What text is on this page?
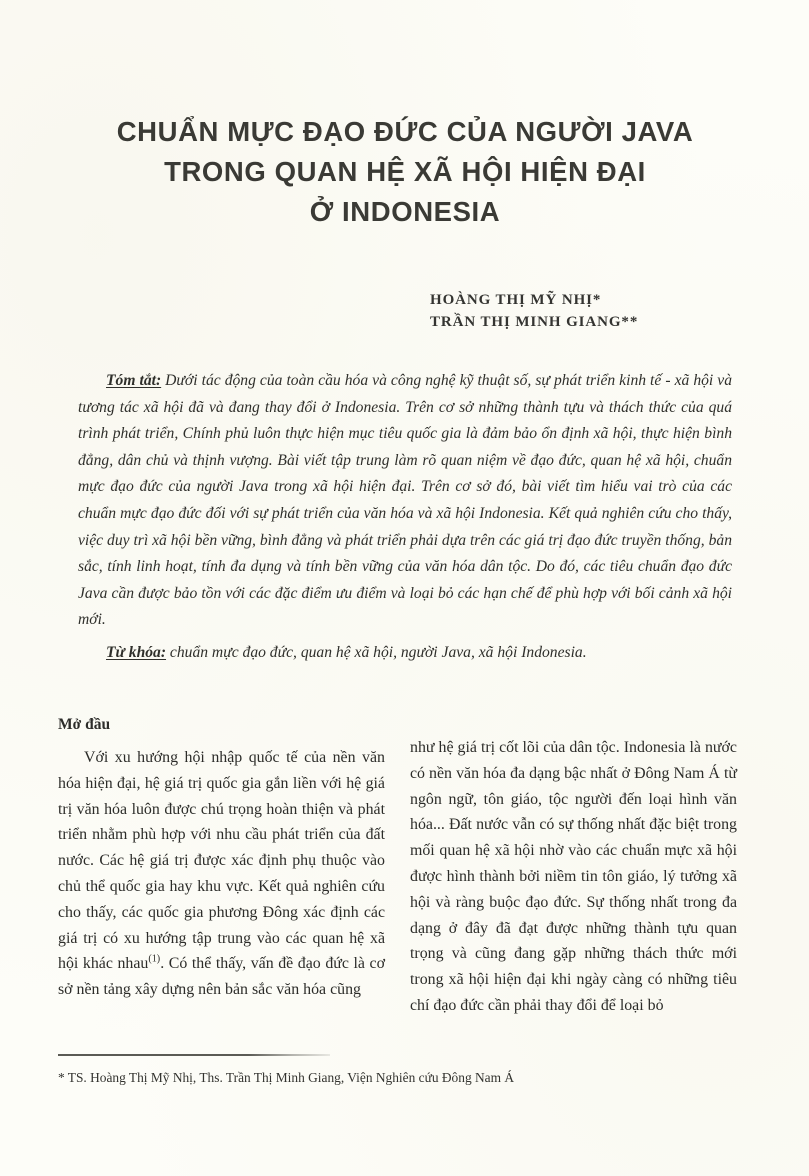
CHUẨN MỰC ĐẠO ĐỨC CỦA NGƯỜI JAVA
TRONG QUAN HỆ XÃ HỘI HIỆN ĐẠI
Ở INDONESIA
HOÀNG THỊ MỸ NHỊ*
TRẦN THỊ MINH GIANG**
Tóm tắt: Dưới tác động của toàn cầu hóa và công nghệ kỹ thuật số, sự phát triển kinh tế - xã hội và tương tác xã hội đã và đang thay đổi ở Indonesia. Trên cơ sở những thành tựu và thách thức của quá trình phát triển, Chính phủ luôn thực hiện mục tiêu quốc gia là đảm bảo ổn định xã hội, thực hiện bình đẳng, dân chủ và thịnh vượng. Bài viết tập trung làm rõ quan niệm về đạo đức, quan hệ xã hội, chuẩn mực đạo đức của người Java trong xã hội hiện đại. Trên cơ sở đó, bài viết tìm hiểu vai trò của các chuẩn mực đạo đức đối với sự phát triển của văn hóa và xã hội Indonesia. Kết quả nghiên cứu cho thấy, việc duy trì xã hội bền vững, bình đẳng và phát triển phải dựa trên các giá trị đạo đức truyền thống, bản sắc, tính linh hoạt, tính đa dụng và tính bền vững của văn hóa dân tộc. Do đó, các tiêu chuẩn đạo đức Java cần được bảo tồn với các đặc điểm ưu điểm và loại bỏ các hạn chế để phù hợp với bối cảnh xã hội mới.
Từ khóa: chuẩn mực đạo đức, quan hệ xã hội, người Java, xã hội Indonesia.
Mở đầu

Với xu hướng hội nhập quốc tế của nền văn hóa hiện đại, hệ giá trị quốc gia gắn liền với hệ giá trị văn hóa luôn được chú trọng hoàn thiện và phát triển nhằm phù hợp với nhu cầu phát triển của đất nước. Các hệ giá trị được xác định phụ thuộc vào chủ thể quốc gia hay khu vực. Kết quả nghiên cứu cho thấy, các quốc gia phương Đông xác định các giá trị có xu hướng tập trung vào các quan hệ xã hội khác nhau$^{(1)}$. Có thể thấy, vấn đề đạo đức là cơ sở nền tảng xây dựng nên bản sắc văn hóa cũng

như hệ giá trị cốt lõi của dân tộc. Indonesia là nước có nền văn hóa đa dạng bậc nhất ở Đông Nam Á từ ngôn ngữ, tôn giáo, tộc người đến loại hình văn hóa... Đất nước vẫn có sự thống nhất đặc biệt trong mối quan hệ xã hội nhờ vào các chuẩn mực xã hội được hình thành bởi niềm tin tôn giáo, lý tưởng xã hội và ràng buộc đạo đức. Sự thống nhất trong đa dạng ở đây đã đạt được những thành tựu quan trọng và cũng đang gặp những thách thức mới trong xã hội hiện đại khi ngày càng có những tiêu chí đạo đức cần phải thay đổi để loại bỏ

* TS. Hoàng Thị Mỹ Nhị, Ths. Trần Thị Minh Giang, Viện Nghiên cứu Đông Nam Á
